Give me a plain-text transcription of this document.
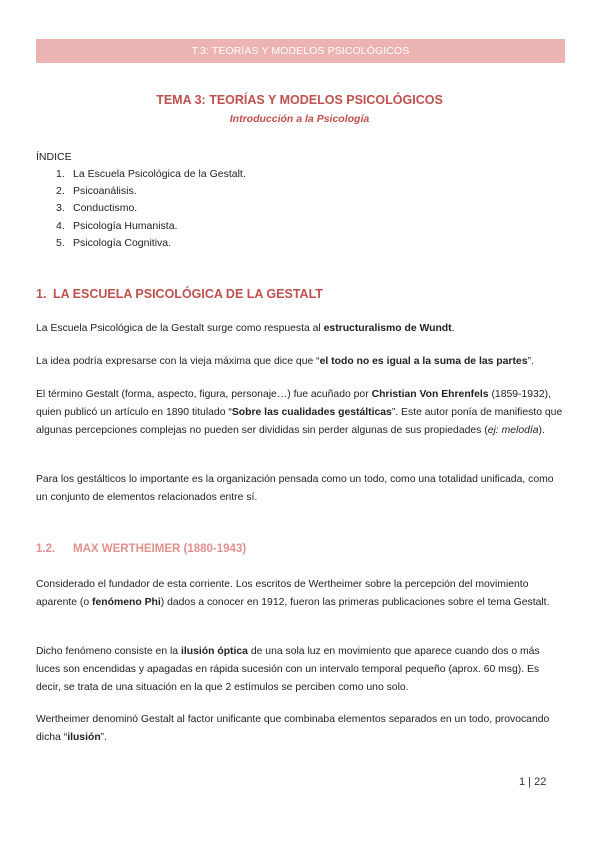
T.3: TEORÍAS Y MODELOS PSICOLÓGICOS
TEMA 3: TEORÍAS Y MODELOS PSICOLÓGICOS
Introducción a la Psicología
ÍNDICE
1. La Escuela Psicológica de la Gestalt.
2. Psicoanálisis.
3. Conductismo.
4. Psicología Humanista.
5. Psicología Cognitiva.
1. LA ESCUELA PSICOLÓGICA DE LA GESTALT

La Escuela Psicológica de la Gestalt surge como respuesta al estructuralismo de Wundt.

La idea podría expresarse con la vieja máxima que dice que “el todo no es igual a la suma de las partes”.

El término Gestalt (forma, aspecto, figura, personaje…) fue acuñado por Christian Von Ehrenfels (1859-1932), quien publicó un artículo en 1890 titulado “Sobre las cualidades gestálticas”. Este autor ponía de manifiesto que algunas percepciones complejas no pueden ser divididas sin perder algunas de sus propiedades (ej: melodía).

Para los gestálticos lo importante es la organización pensada como un todo, como una totalidad unificada, como un conjunto de elementos relacionados entre sí.

1.2.	MAX WERTHEIMER (1880-1943)

Considerado el fundador de esta corriente. Los escritos de Wertheimer sobre la percepción del movimiento aparente (o fenómeno Phi) dados a conocer en 1912, fueron las primeras publicaciones sobre el tema Gestalt.

Dicho fenómeno consiste en la ilusión óptica de una sola luz en movimiento que aparece cuando dos o más luces son encendidas y apagadas en rápida sucesión con un intervalo temporal pequeño (aprox. 60 msg). Es decir, se trata de una situación en la que 2 estímulos se perciben como uno solo.

Wertheimer denominó Gestalt al factor unificante que combinaba elementos separados en un todo, provocando dicha “ilusión”.

1 | 22
